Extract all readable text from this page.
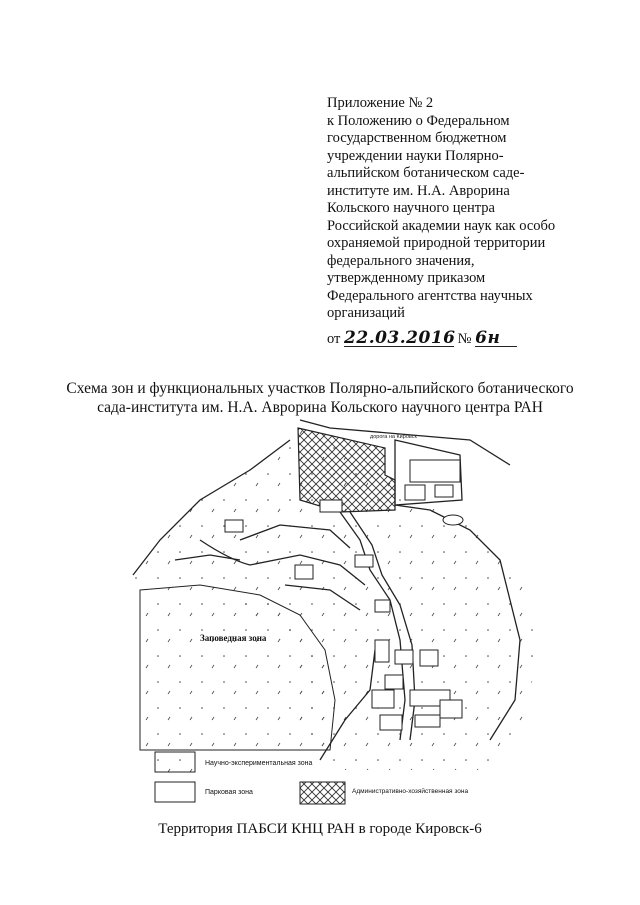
Приложение № 2
к Положению о Федеральном
государственном бюджетном
учреждении науки Полярно-
альпийском ботаническом саде-
институте им. Н.А. Аврорина
Кольского научного центра
Российской академии наук как особо
охраняемой природной территории
федерального значения,
утвержденному приказом
Федерального агентства научных
организаций
от 22.03.2016 № 6н
Схема зон и функциональных участков Полярно-альпийского ботанического
сада-института им. Н.А. Аврорина Кольского научного центра РАН
дорога на Кировск
Заповедная зона
Научно-экспериментальная зона
Парковая зона	Административно-хозяйственная зона
Территория ПАБСИ КНЦ РАН в городе Кировск-6
